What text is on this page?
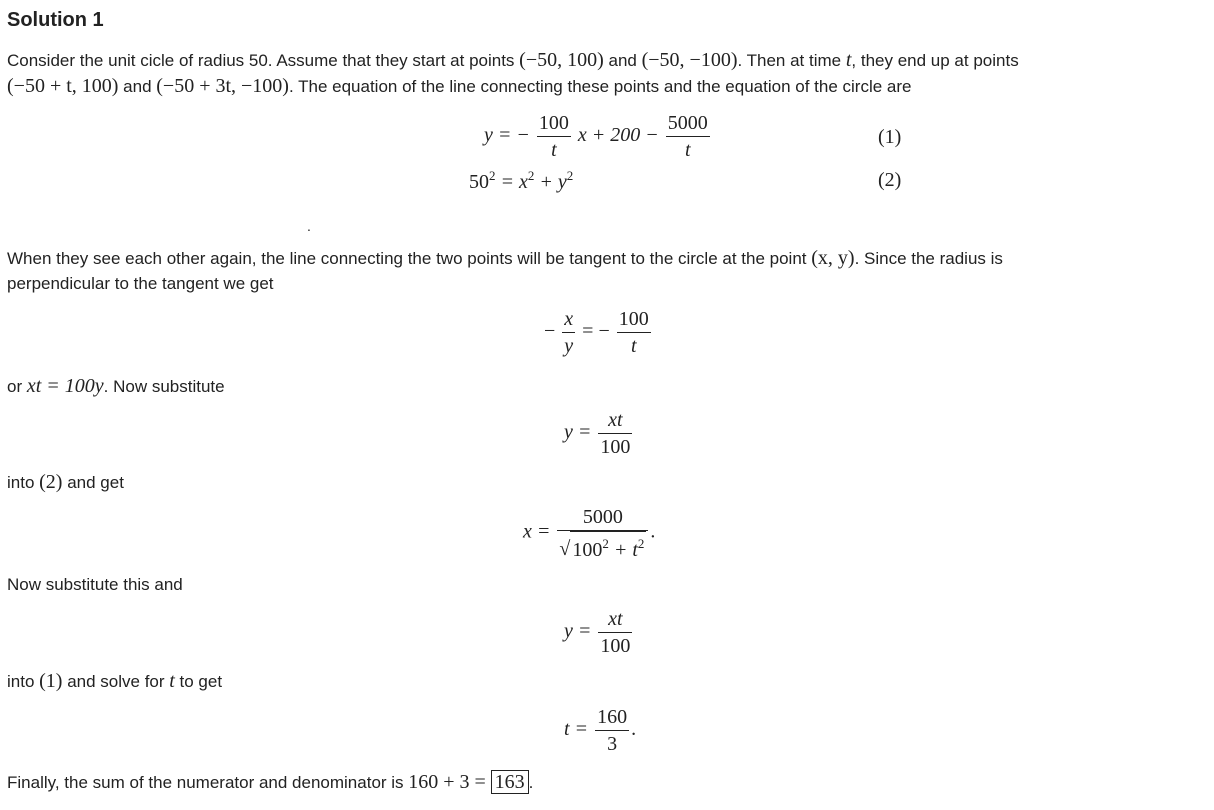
Solution 1
Consider the unit cicle of radius 50. Assume that they start at points (−50, 100) and (−50, −100). Then at time t, they end up at points
(−50 + t, 100) and (−50 + 3t, −100). The equation of the line connecting these points and the equation of the circle are
y = − $\frac{100}{t}$ $x + 200 - \frac{5000}{t}$	(1)
$50^2 = x^2 + y^2$	(2)
.
When they see each other again, the line connecting the two points will be tangent to the circle at the point (x, y). Since the radius is
perpendicular to the tangent we get
− $\frac{x}{y}$ = − $\frac{100}{t}$
or xt = 100y. Now substitute
$y = \frac{xt}{100}$
into (2) and get
$x = \frac{5000}{√ 100^2 + t^2}$ .
Now substitute this and
$y = \frac{xt}{100}$
into (1) and solve for t to get
$t = \frac{160}{3}$ .
Finally, the sum of the numerator and denominator is 160 + 3 = 163 .
